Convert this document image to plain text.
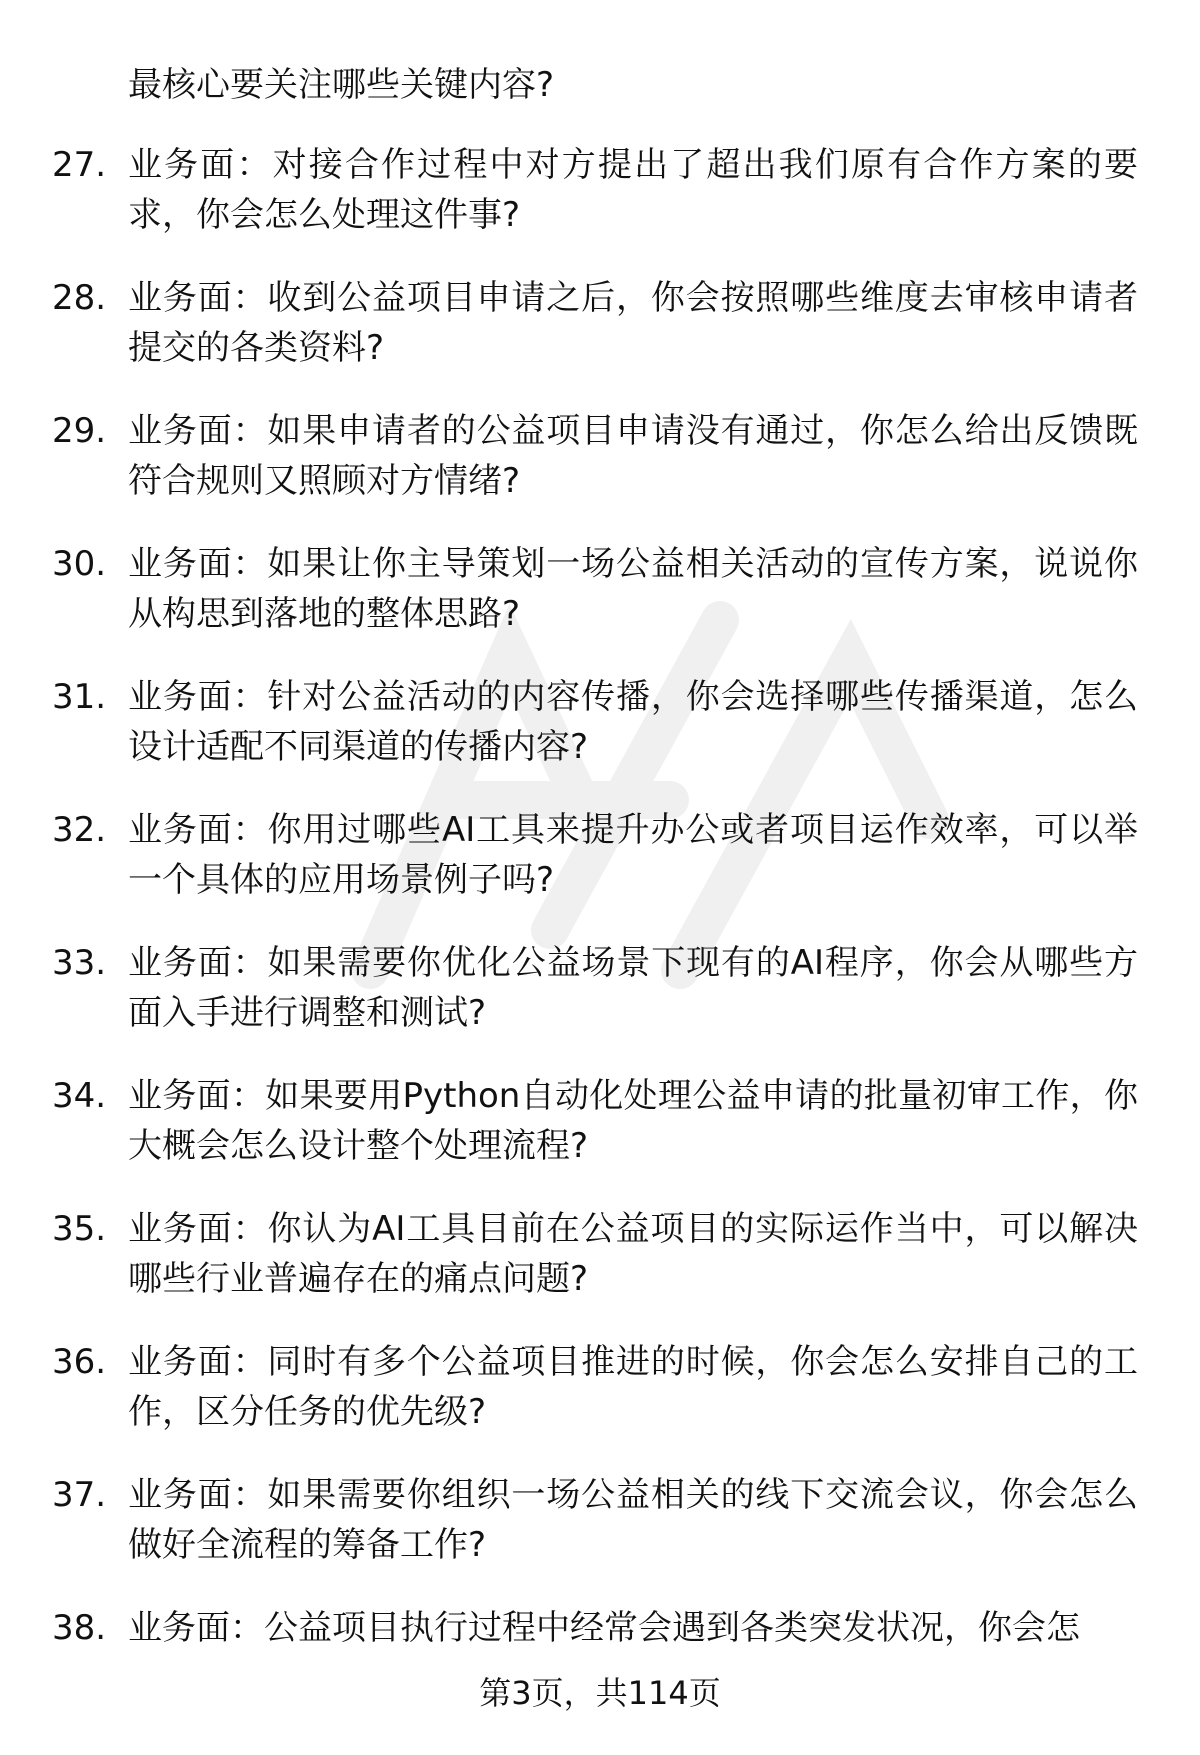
最核心要关注哪些关键内容?

27. 业务面：对接合作过程中对方提出了超出我们原有合作方案的要求，你会怎么处理这件事?
28. 业务面：收到公益项目申请之后，你会按照哪些维度去审核申请者提交的各类资料?
29. 业务面：如果申请者的公益项目申请没有通过，你怎么给出反馈既符合规则又照顾对方情绪?
30. 业务面：如果让你主导策划一场公益相关活动的宣传方案，说说你从构思到落地的整体思路?
31. 业务面：针对公益活动的内容传播，你会选择哪些传播渠道，怎么设计适配不同渠道的传播内容?
32. 业务面：你用过哪些AI工具来提升办公或者项目运作效率，可以举一个具体的应用场景例子吗?
33. 业务面：如果需要你优化公益场景下现有的AI程序，你会从哪些方面入手进行调整和测试?
34. 业务面：如果要用Python自动化处理公益申请的批量初审工作，你大概会怎么设计整个处理流程?
35. 业务面：你认为AI工具目前在公益项目的实际运作当中，可以解决哪些行业普遍存在的痛点问题?
36. 业务面：同时有多个公益项目推进的时候，你会怎么安排自己的工作，区分任务的优先级?
37. 业务面：如果需要你组织一场公益相关的线下交流会议，你会怎么做好全流程的筹备工作?
38. 业务面：公益项目执行过程中经常会遇到各类突发状况，你会怎
第3页，共114页
